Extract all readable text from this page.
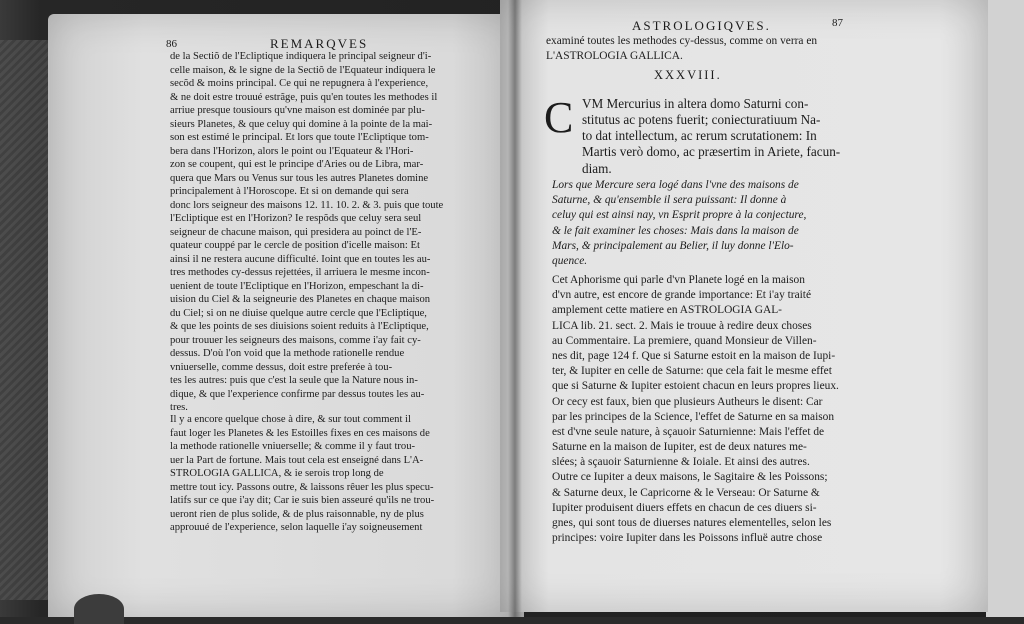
86	REMARQVES
de la Sectiõ de l'Ecliptique indiquera le principal seigneur d'i-
celle maison, & le signe de la Sectiõ de l'Equateur indiquera le
secõd & moins principal. Ce qui ne repugnera à l'experience,
& ne doit estre trouué estrãge, puis qu'en toutes les methodes il
arriue presque tousiours qu'vne maison est dominée par plu-
sieurs Planetes, & que celuy qui domine à la pointe de la mai-
son est estimé le principal. Et lors que toute l'Ecliptique tom-
bera dans l'Horizon, alors le point ou l'Equateur & l'Hori-
zon se coupent, qui est le principe d'Aries ou de Libra, mar-
quera que Mars ou Venus sur tous les autres Planetes domine
principalement à l'Horoscope. Et si on demande qui sera
donc lors seigneur des maisons 12. 11. 10. 2. & 3. puis que toute
l'Ecliptique est en l'Horizon? Ie respõds que celuy sera seul
seigneur de chacune maison, qui presidera au poinct de l'E-
quateur couppé par le cercle de position d'icelle maison: Et
ainsi il ne restera aucune difficulté. Ioint que en toutes les au-
tres methodes cy-dessus rejettées, il arriuera le mesme incon-
uenient de toute l'Ecliptique en l'Horizon, empeschant la di-
uision du Ciel & la seigneurie des Planetes en chaque maison
du Ciel; si on ne diuise quelque autre cercle que l'Ecliptique,
& que les points de ses diuisions soient reduits à l'Ecliptique,
pour trouuer les seigneurs des maisons, comme i'ay fait cy-
dessus. D'où l'on void que la methode rationelle rendue
vniuerselle, comme dessus, doit estre preferée à tou-
tes les autres: puis que c'est la seule que la Nature nous in-
dique, & que l'experience confirme par dessus toutes les au-
tres.
Il y a encore quelque chose à dire, & sur tout comment il
faut loger les Planetes & les Estoilles fixes en ces maisons de
la methode rationelle vniuerselle; & comme il y faut trou-
uer la Part de fortune. Mais tout cela est enseigné dans L'A-
STROLOGIA GALLICA, & ie serois trop long de
mettre tout icy. Passons outre, & laissons rêuer les plus specu-
latifs sur ce que i'ay dit; Car ie suis bien asseuré qu'ils ne trou-
ueront rien de plus solide, & de plus raisonnable, ny de plus
approuué de l'experience, selon laquelle i'ay soigneusement
ASTROLOGIQVES.	87
examiné toutes les methodes cy-dessus, comme on verra en
L'ASTROLOGIA GALLICA.
XXXVIII.
C VM Mercurius in altera domo Saturni con-
stitutus ac potens fuerit; coniecturatiuum Na-
to dat intellectum, ac rerum scrutationem: In
Martis verò domo, ac præsertim in Ariete, facun-
diam.
Lors que Mercure sera logé dans l'vne des maisons de
Saturne, & qu'ensemble il sera puissant: Il donne à
celuy qui est ainsi nay, vn Esprit propre à la conjecture,
& le fait examiner les choses: Mais dans la maison de
Mars, & principalement au Belier, il luy donne l'Elo-
quence.
Cet Aphorisme qui parle d'vn Planete logé en la maison
d'vn autre, est encore de grande importance: Et i'ay traité
amplement cette matiere en ASTROLOGIA GAL-
LICA lib. 21. sect. 2. Mais ie trouue à redire deux choses
au Commentaire. La premiere, quand Monsieur de Villen-
nes dit, page 124 f. Que si Saturne estoit en la maison de Iupi-
ter, & Iupiter en celle de Saturne: que cela fait le mesme effet
que si Saturne & Iupiter estoient chacun en leurs propres lieux.
Or cecy est faux, bien que plusieurs Autheurs le disent: Car
par les principes de la Science, l'effet de Saturne en sa maison
est d'vne seule nature, à sçauoir Saturnienne: Mais l'effet de
Saturne en la maison de Iupiter, est de deux natures me-
slées; à sçauoir Saturnienne & Ioiale. Et ainsi des autres.
Outre ce Iupiter a deux maisons, le Sagitaire & les Poissons;
& Saturne deux, le Capricorne & le Verseau: Or Saturne &
Iupiter produisent diuers effets en chacun de ces diuers si-
gnes, qui sont tous de diuerses natures elementelles, selon les
principes: voire Iupiter dans les Poissons influë autre chose
